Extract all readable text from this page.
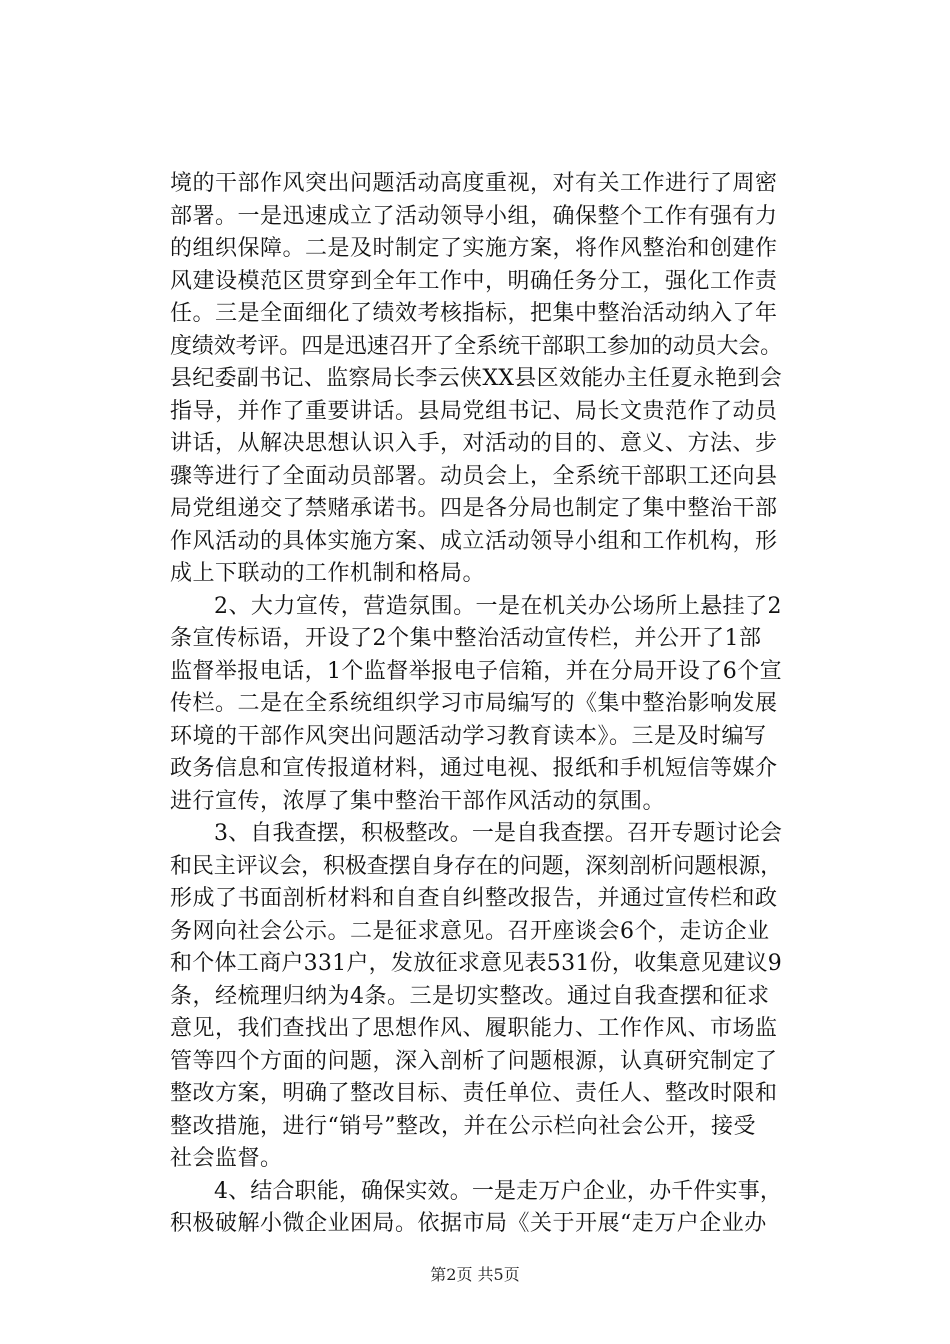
境的干部作风突出问题活动高度重视，对有关工作进行了周密
部署。一是迅速成立了活动领导小组，确保整个工作有强有力
的组织保障。二是及时制定了实施方案，将作风整治和创建作
风建设模范区贯穿到全年工作中，明确任务分工，强化工作责
任。三是全面细化了绩效考核指标，把集中整治活动纳入了年
度绩效考评。四是迅速召开了全系统干部职工参加的动员大会。
县纪委副书记、监察局长李云侠XX县区效能办主任夏永艳到会
指导，并作了重要讲话。县局党组书记、局长文贵范作了动员
讲话，从解决思想认识入手，对活动的目的、意义、方法、步
骤等进行了全面动员部署。动员会上，全系统干部职工还向县
局党组递交了禁赌承诺书。四是各分局也制定了集中整治干部
作风活动的具体实施方案、成立活动领导小组和工作机构，形
成上下联动的工作机制和格局。

2、大力宣传，营造氛围。一是在机关办公场所上悬挂了2
条宣传标语，开设了2个集中整治活动宣传栏，并公开了1部
监督举报电话，1个监督举报电子信箱，并在分局开设了6个宣
传栏。二是在全系统组织学习市局编写的《集中整治影响发展
环境的干部作风突出问题活动学习教育读本》。三是及时编写
政务信息和宣传报道材料，通过电视、报纸和手机短信等媒介
进行宣传，浓厚了集中整治干部作风活动的氛围。

3、自我查摆，积极整改。一是自我查摆。召开专题讨论会
和民主评议会，积极查摆自身存在的问题，深刻剖析问题根源，
形成了书面剖析材料和自查自纠整改报告，并通过宣传栏和政
务网向社会公示。二是征求意见。召开座谈会6个，走访企业
和个体工商户331户，发放征求意见表531份，收集意见建议9
条，经梳理归纳为4条。三是切实整改。通过自我查摆和征求
意见，我们查找出了思想作风、履职能力、工作作风、市场监
管等四个方面的问题，深入剖析了问题根源，认真研究制定了
整改方案，明确了整改目标、责任单位、责任人、整改时限和
整改措施，进行“销号”整改，并在公示栏向社会公开，接受
社会监督。

4、结合职能，确保实效。一是走万户企业，办千件实事，
积极破解小微企业困局。依据市局《关于开展“走万户企业办

第2页 共5页
